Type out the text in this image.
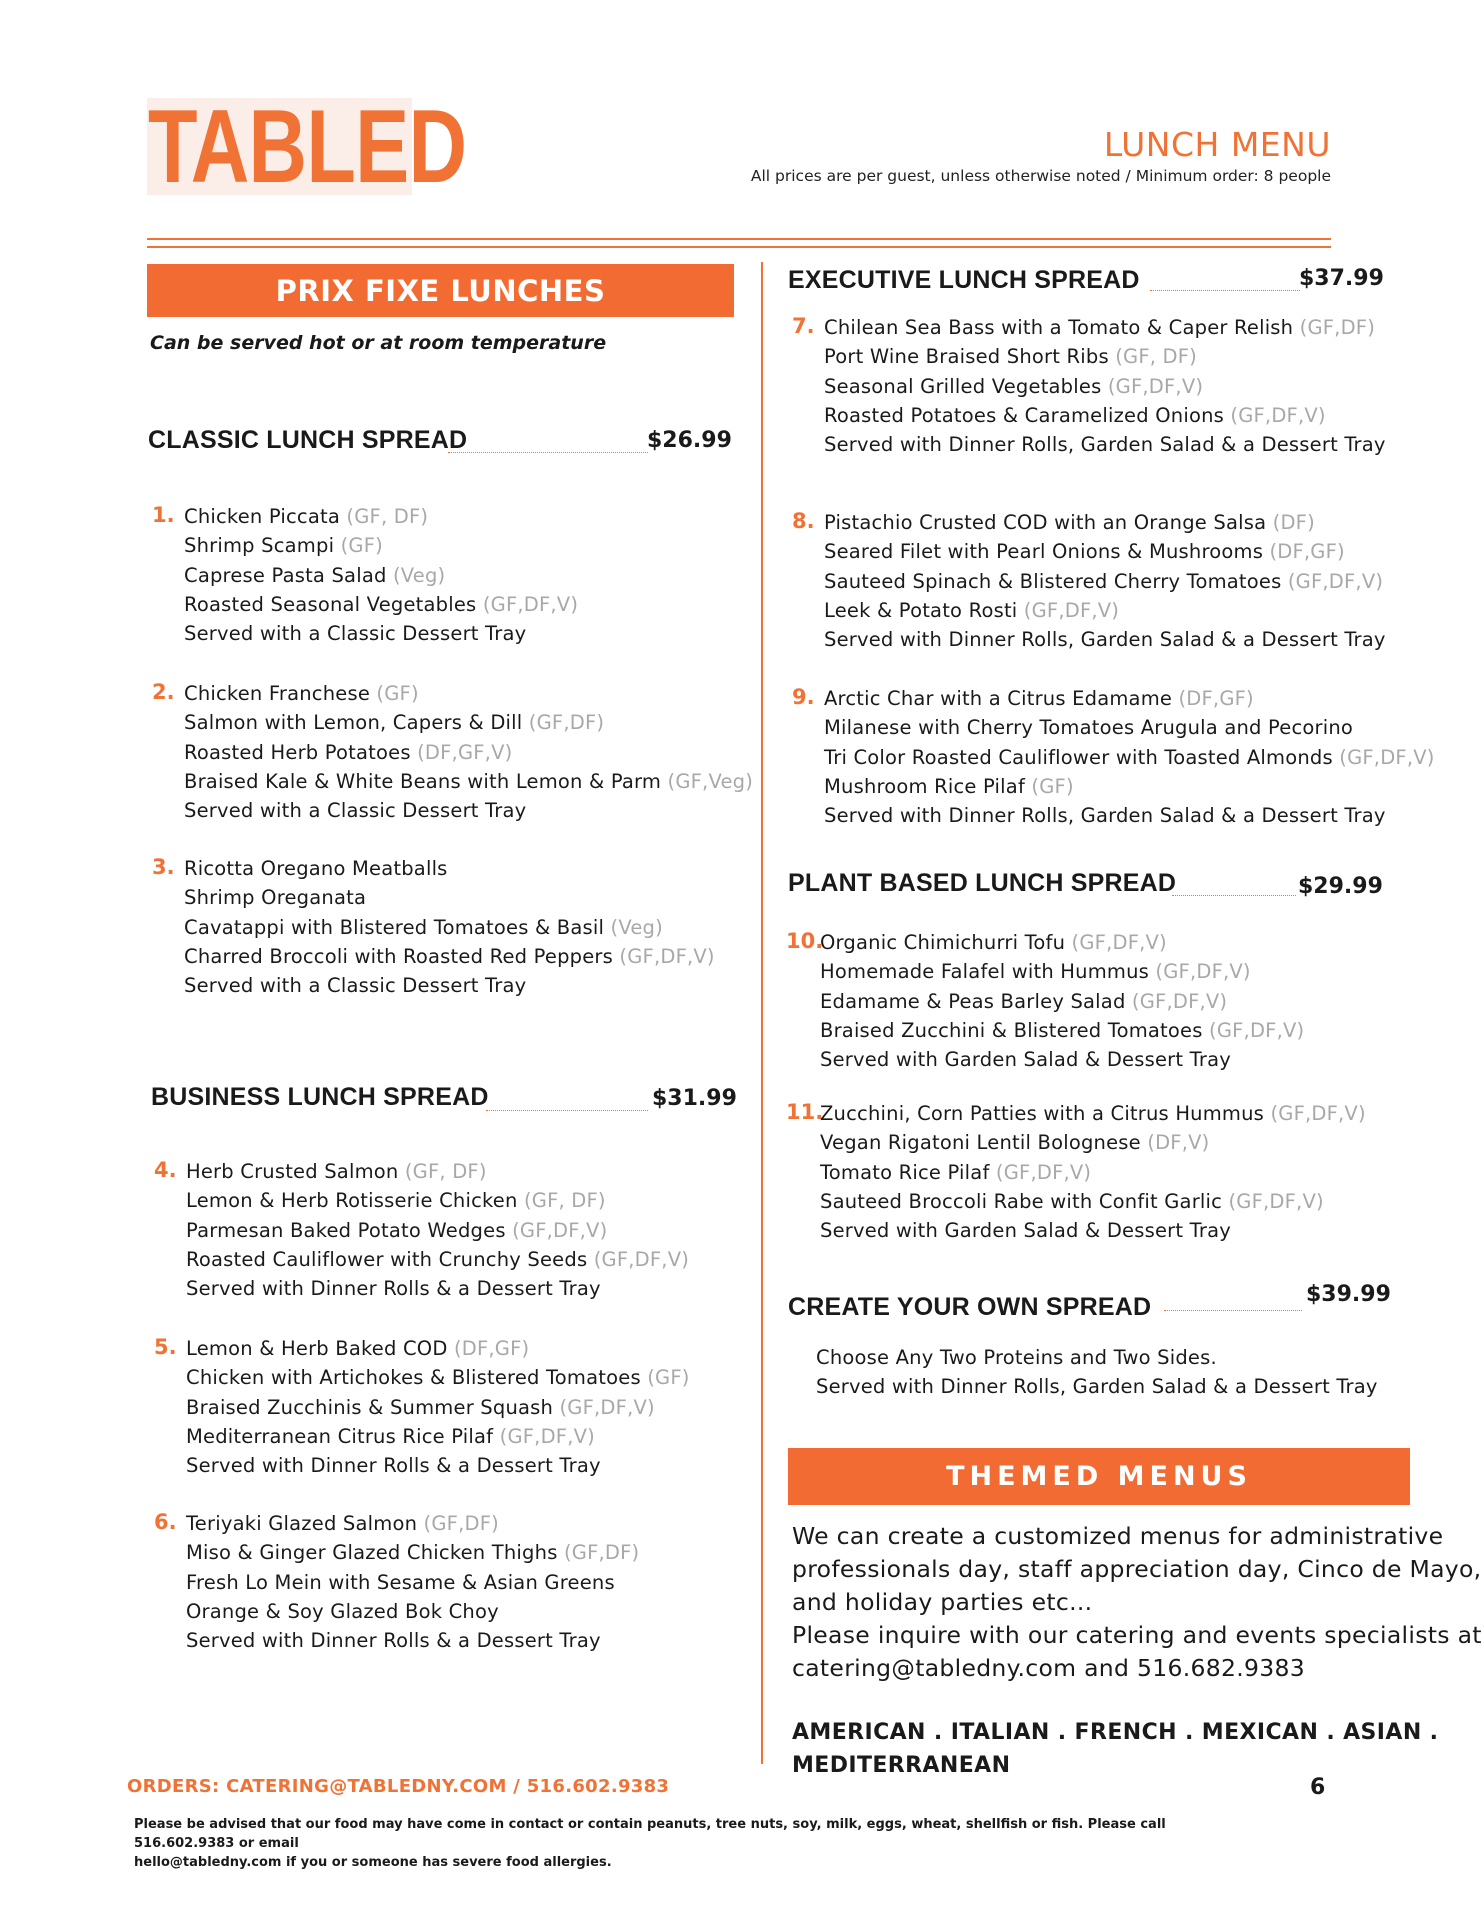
TABLED	LUNCH MENU
All prices are per guest, unless otherwise noted / Minimum order: 8 people
PRIX FIXE LUNCHES
Can be served hot or at room temperature
CLASSIC LUNCH SPREAD	$26.99
1. Chicken Piccata (GF, DF)
Shrimp Scampi (GF)
Caprese Pasta Salad (Veg)
Roasted Seasonal Vegetables (GF,DF,V)
Served with a Classic Dessert Tray
2. Chicken Franchese (GF)
Salmon with Lemon, Capers & Dill (GF,DF)
Roasted Herb Potatoes (DF,GF,V)
Braised Kale & White Beans with Lemon & Parm (GF,Veg)
Served with a Classic Dessert Tray
3. Ricotta Oregano Meatballs
Shrimp Oreganata
Cavatappi with Blistered Tomatoes & Basil (Veg)
Charred Broccoli with Roasted Red Peppers (GF,DF,V)
Served with a Classic Dessert Tray
BUSINESS LUNCH SPREAD	$31.99
4. Herb Crusted Salmon (GF, DF)
Lemon & Herb Rotisserie Chicken (GF, DF)
Parmesan Baked Potato Wedges (GF,DF,V)
Roasted Cauliflower with Crunchy Seeds (GF,DF,V)
Served with Dinner Rolls & a Dessert Tray
5. Lemon & Herb Baked COD (DF,GF)
Chicken with Artichokes & Blistered Tomatoes (GF)
Braised Zucchinis & Summer Squash (GF,DF,V)
Mediterranean Citrus Rice Pilaf (GF,DF,V)
Served with Dinner Rolls & a Dessert Tray
6. Teriyaki Glazed Salmon (GF,DF)
Miso & Ginger Glazed Chicken Thighs (GF,DF)
Fresh Lo Mein with Sesame & Asian Greens
Orange & Soy Glazed Bok Choy
Served with Dinner Rolls & a Dessert Tray
EXECUTIVE LUNCH SPREAD	$37.99
7. Chilean Sea Bass with a Tomato & Caper Relish (GF,DF)
Port Wine Braised Short Ribs (GF, DF)
Seasonal Grilled Vegetables (GF,DF,V)
Roasted Potatoes & Caramelized Onions (GF,DF,V)
Served with Dinner Rolls, Garden Salad & a Dessert Tray
8. Pistachio Crusted COD with an Orange Salsa (DF)
Seared Filet with Pearl Onions & Mushrooms (DF,GF)
Sauteed Spinach & Blistered Cherry Tomatoes (GF,DF,V)
Leek & Potato Rosti (GF,DF,V)
Served with Dinner Rolls, Garden Salad & a Dessert Tray
9. Arctic Char with a Citrus Edamame (DF,GF)
Milanese with Cherry Tomatoes Arugula and Pecorino
Tri Color Roasted Cauliflower with Toasted Almonds (GF,DF,V)
Mushroom Rice Pilaf (GF)
Served with Dinner Rolls, Garden Salad & a Dessert Tray
PLANT BASED LUNCH SPREAD	$29.99
10.
Organic Chimichurri Tofu (GF,DF,V)
Homemade Falafel with Hummus (GF,DF,V)
Edamame & Peas Barley Salad (GF,DF,V)
Braised Zucchini & Blistered Tomatoes (GF,DF,V)
Served with Garden Salad & Dessert Tray
11.
Zucchini, Corn Patties with a Citrus Hummus (GF,DF,V)
Vegan Rigatoni Lentil Bolognese (DF,V)
Tomato Rice Pilaf (GF,DF,V)
Sauteed Broccoli Rabe with Confit Garlic (GF,DF,V)
Served with Garden Salad & Dessert Tray
CREATE YOUR OWN SPREAD	$39.99
Choose Any Two Proteins and Two Sides.
Served with Dinner Rolls, Garden Salad & a Dessert Tray
THEMED MENUS
We can create a customized menus for administrative
professionals day, staff appreciation day, Cinco de Mayo,
and holiday parties etc...
Please inquire with our catering and events specialists at
catering@tabledny.com and 516.682.9383
AMERICAN . ITALIAN . FRENCH . MEXICAN . ASIAN .
MEDITERRANEAN
ORDERS: CATERING@TABLEDNY.COM / 516.602.9383	6
Please be advised that our food may have come in contact or contain peanuts, tree nuts, soy, milk, eggs, wheat, shellfish or fish. Please call 516.602.9383 or email
hello@tabledny.com if you or someone has severe food allergies.
